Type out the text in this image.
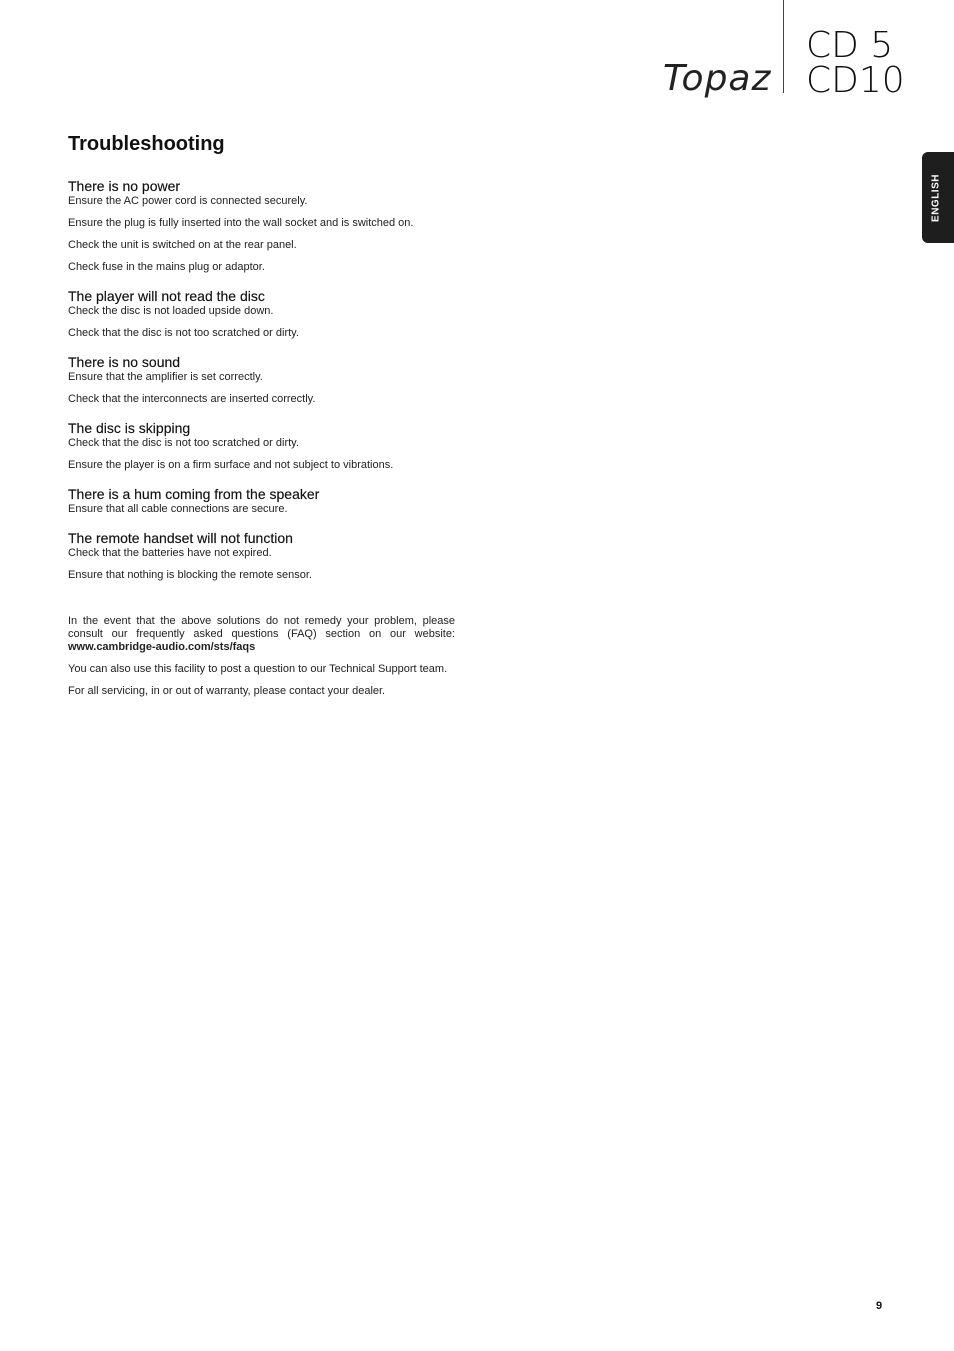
Topaz
CD 5
CD10
ENGLISH
Troubleshooting
There is no power

Ensure the AC power cord is connected securely.

Ensure the plug is fully inserted into the wall socket and is switched on.

Check the unit is switched on at the rear panel.

Check fuse in the mains plug or adaptor.

The player will not read the disc

Check the disc is not loaded upside down.

Check that the disc is not too scratched or dirty.

There is no sound

Ensure that the amplifier is set correctly.

Check that the interconnects are inserted correctly.

The disc is skipping

Check that the disc is not too scratched or dirty.

Ensure the player is on a firm surface and not subject to vibrations.

There is a hum coming from the speaker

Ensure that all cable connections are secure.

The remote handset will not function

Check that the batteries have not expired.

Ensure that nothing is blocking the remote sensor.

In the event that the above solutions do not remedy your problem, please consult our frequently asked questions (FAQ) section on our website: www.cambridge-audio.com/sts/faqs

You can also use this facility to post a question to our Technical Support team.

For all servicing, in or out of warranty, please contact your dealer.

9
